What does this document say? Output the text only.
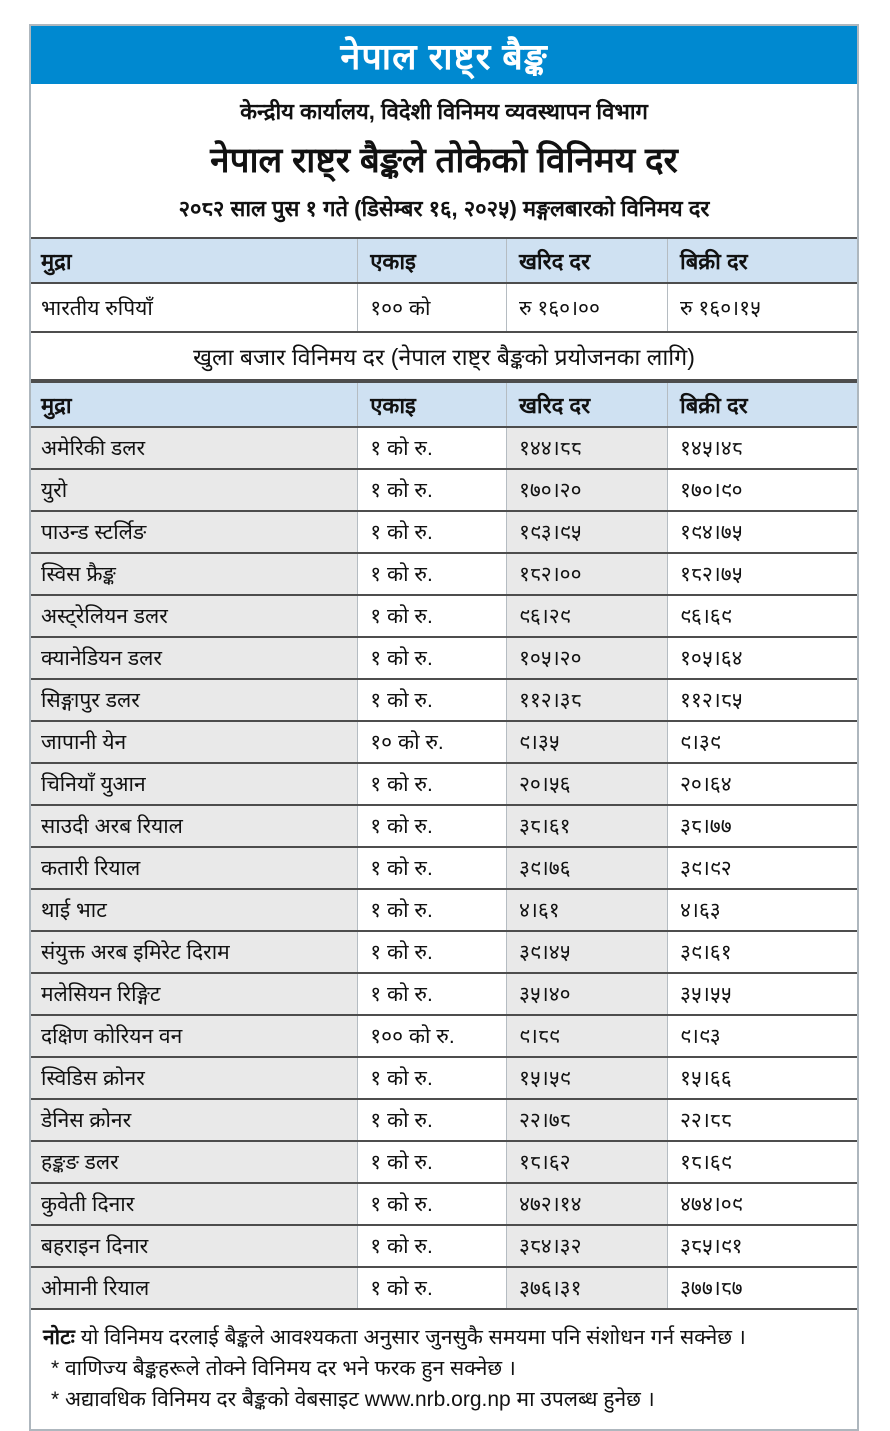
नेपाल राष्ट्र बैङ्क
केन्द्रीय कार्यालय, विदेशी विनिमय व्यवस्थापन विभाग
नेपाल राष्ट्र बैङ्कले तोकेको विनिमय दर
२०८२ साल पुस १ गते (डिसेम्बर १६, २०२५) मङ्गलबारको विनिमय दर
मुद्रा	एकाइ	खरिद दर	बिक्री दर
भारतीय रुपियाँ	१०० को	रु १६०।००	रु १६०।१५
खुला बजार विनिमय दर (नेपाल राष्ट्र बैङ्कको प्रयोजनका लागि)
मुद्रा	एकाइ	खरिद दर	बिक्री दर
अमेरिकी डलर	१ को रु.	१४४।८८	१४५।४८
युरो	१ को रु.	१७०।२०	१७०।९०
पाउन्ड स्टर्लिङ	१ को रु.	१९३।९५	१९४।७५
स्विस फ्रैङ्क	१ को रु.	१८२।००	१८२।७५
अस्ट्रेलियन डलर	१ को रु.	९६।२९	९६।६९
क्यानेडियन डलर	१ को रु.	१०५।२०	१०५।६४
सिङ्गापुर डलर	१ को रु.	११२।३८	११२।८५
जापानी येन	१० को रु.	९।३५	९।३९
चिनियाँ युआन	१ को रु.	२०।५६	२०।६४
साउदी अरब रियाल	१ को रु.	३८।६१	३८।७७
कतारी रियाल	१ को रु.	३९।७६	३९।९२
थाई भाट	१ को रु.	४।६१	४।६३
संयुक्त अरब इमिरेट दिराम	१ को रु.	३९।४५	३९।६१
मलेसियन रिङ्गिट	१ को रु.	३५।४०	३५।५५
दक्षिण कोरियन वन	१०० को रु.	९।८९	९।९३
स्विडिस क्रोनर	१ को रु.	१५।५९	१५।६६
डेनिस क्रोनर	१ को रु.	२२।७८	२२।८८
हङ्कङ डलर	१ को रु.	१८।६२	१८।६९
कुवेती दिनार	१ को रु.	४७२।१४	४७४।०९
बहराइन दिनार	१ को रु.	३८४।३२	३८५।९१
ओमानी रियाल	१ को रु.	३७६।३१	३७७।८७
नोटः यो विनिमय दरलाई बैङ्कले आवश्यकता अनुसार जुनसुकै समयमा पनि संशोधन गर्न सक्नेछ ।
* वाणिज्य बैङ्कहरूले तोक्ने विनिमय दर भने फरक हुन सक्नेछ ।
* अद्यावधिक विनिमय दर बैङ्कको वेबसाइट www.nrb.org.np मा उपलब्ध हुनेछ ।
